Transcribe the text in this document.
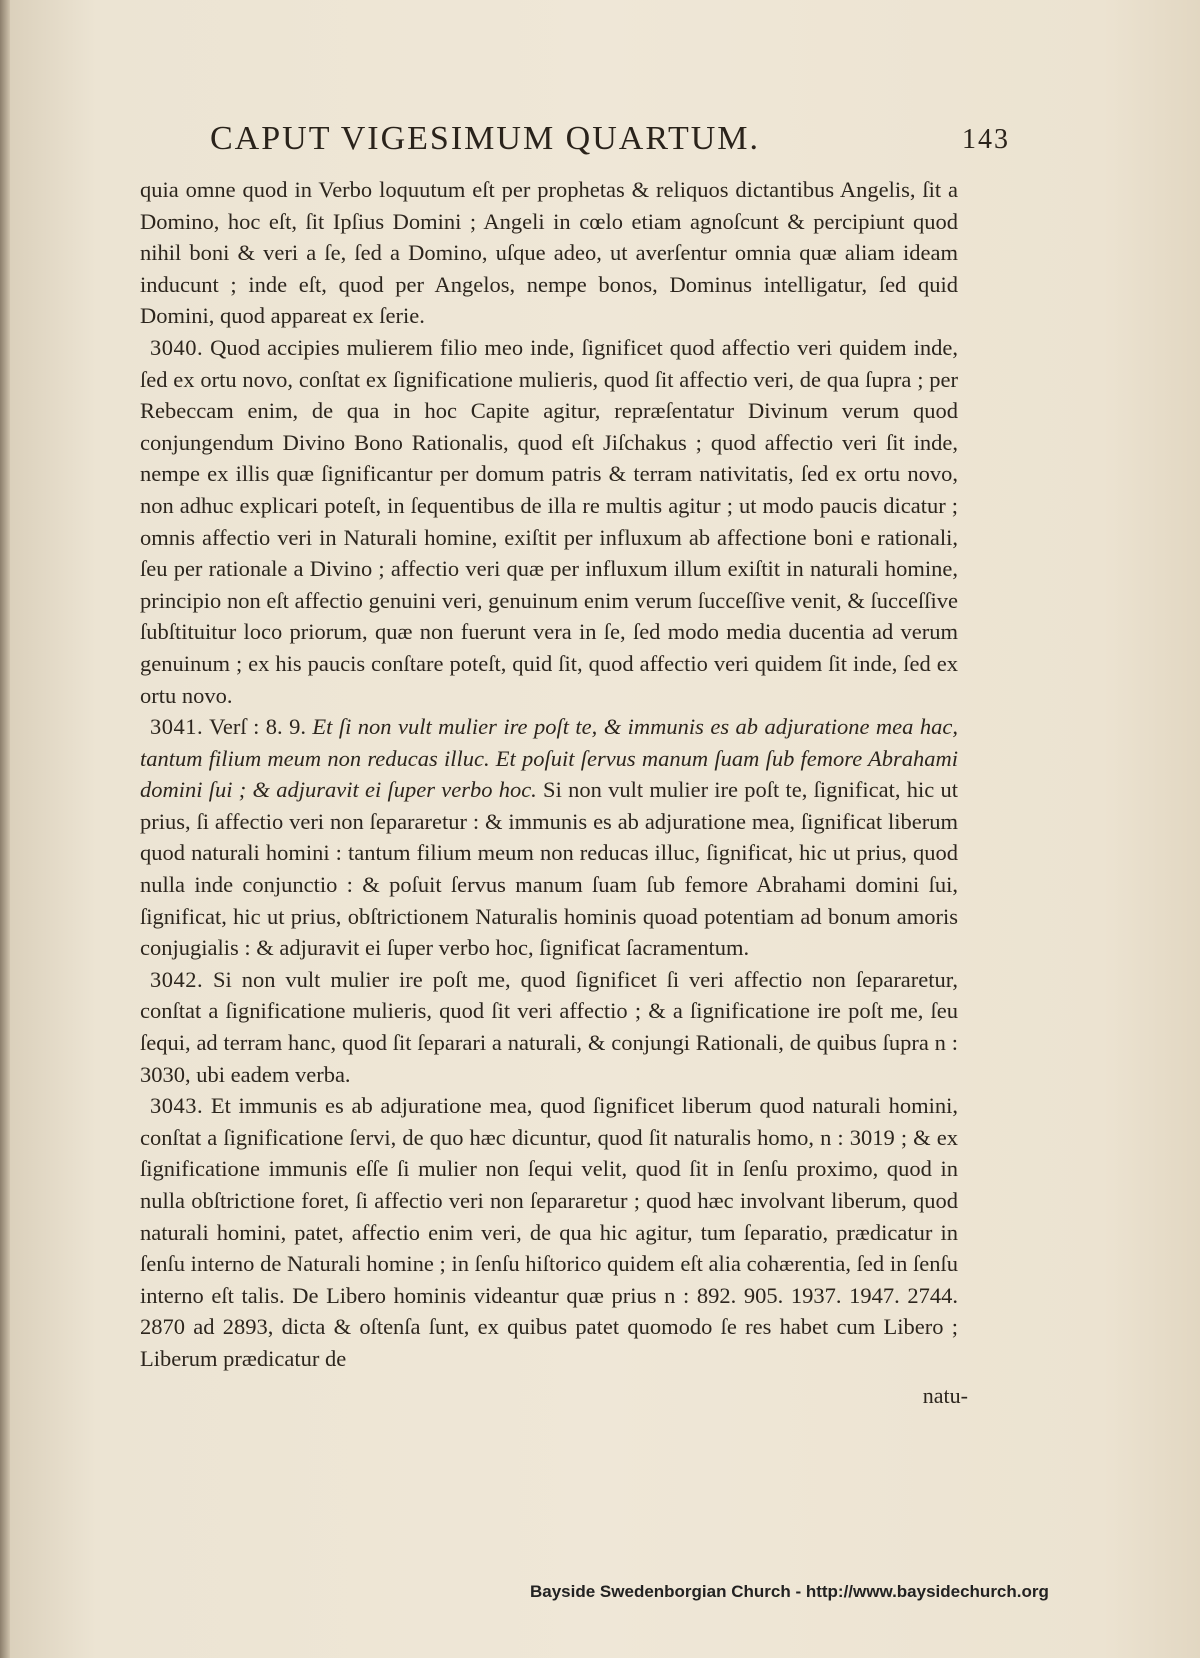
CAPUT VIGESIMUM QUARTUM.	143

quia omne quod in Verbo loquutum eſt per prophetas & reliquos dictantibus Angelis, ſit a Domino, hoc eſt, ſit Ipſius Domini ; Angeli in cœlo etiam agnoſcunt & percipiunt quod nihil boni & veri a ſe, ſed a Domino, uſque adeo, ut averſentur omnia quæ aliam ideam inducunt ; inde eſt, quod per Angelos, nempe bonos, Dominus intelligatur, ſed quid Domini, quod appareat ex ſerie.

3040. Quod accipies mulierem filio meo inde, ſignificet quod affectio veri quidem inde, ſed ex ortu novo, conſtat ex ſignificatione mulieris, quod ſit affectio veri, de qua ſupra ; per Rebeccam enim, de qua in hoc Capite agitur, repræſentatur Divinum verum quod conjungendum Divino Bono Rationalis, quod eſt Jiſchakus ; quod affectio veri ſit inde, nempe ex illis quæ ſignificantur per domum patris & terram nativitatis, ſed ex ortu novo, non adhuc explicari poteſt, in ſequentibus de illa re multis agitur ; ut modo paucis dicatur ; omnis affectio veri in Naturali homine, exiſtit per influxum ab affectione boni e rationali, ſeu per rationale a Divino ; affectio veri quæ per influxum illum exiſtit in naturali homine, principio non eſt affectio genuini veri, genuinum enim verum ſucceſſive venit, & ſucceſſive ſubſtituitur loco priorum, quæ non fuerunt vera in ſe, ſed modo media ducentia ad verum genuinum ; ex his paucis conſtare poteſt, quid ſit, quod affectio veri quidem ſit inde, ſed ex ortu novo.

3041. Verſ : 8. 9. Et ſi non vult mulier ire poſt te, & immunis es ab adjuratione mea hac, tantum filium meum non reducas illuc. Et poſuit ſervus manum ſuam ſub femore Abrahami domini ſui ; & adjuravit ei ſuper verbo hoc. Si non vult mulier ire poſt te, ſignificat, hic ut prius, ſi affectio veri non ſepararetur : & immunis es ab adjuratione mea, ſignificat liberum quod naturali homini : tantum filium meum non reducas illuc, ſignificat, hic ut prius, quod nulla inde conjunctio : & poſuit ſervus manum ſuam ſub femore Abrahami domini ſui, ſignificat, hic ut prius, obſtrictionem Naturalis hominis quoad potentiam ad bonum amoris conjugialis : & adjuravit ei ſuper verbo hoc, ſignificat ſacramentum.

3042. Si non vult mulier ire poſt me, quod ſignificet ſi veri affectio non ſepararetur, conſtat a ſignificatione mulieris, quod ſit veri affectio ; & a ſignificatione ire poſt me, ſeu ſequi, ad terram hanc, quod ſit ſeparari a naturali, & conjungi Rationali, de quibus ſupra n : 3030, ubi eadem verba.

3043. Et immunis es ab adjuratione mea, quod ſignificet liberum quod naturali homini, conſtat a ſignificatione ſervi, de quo hæc dicuntur, quod ſit naturalis homo, n : 3019 ; & ex ſignificatione immunis eſſe ſi mulier non ſequi velit, quod ſit in ſenſu proximo, quod in nulla obſtrictione foret, ſi affectio veri non ſepararetur ; quod hæc involvant liberum, quod naturali homini, patet, affectio enim veri, de qua hic agitur, tum ſeparatio, prædicatur in ſenſu interno de Naturali homine ; in ſenſu hiſtorico quidem eſt alia cohærentia, ſed in ſenſu interno eſt talis. De Libero hominis videantur quæ prius n : 892. 905. 1937. 1947. 2744. 2870 ad 2893, dicta & oſtenſa ſunt, ex quibus patet quomodo ſe res habet cum Libero ; Liberum prædicatur de

natu-
Bayside Swedenborgian Church - http://www.baysidechurch.org
